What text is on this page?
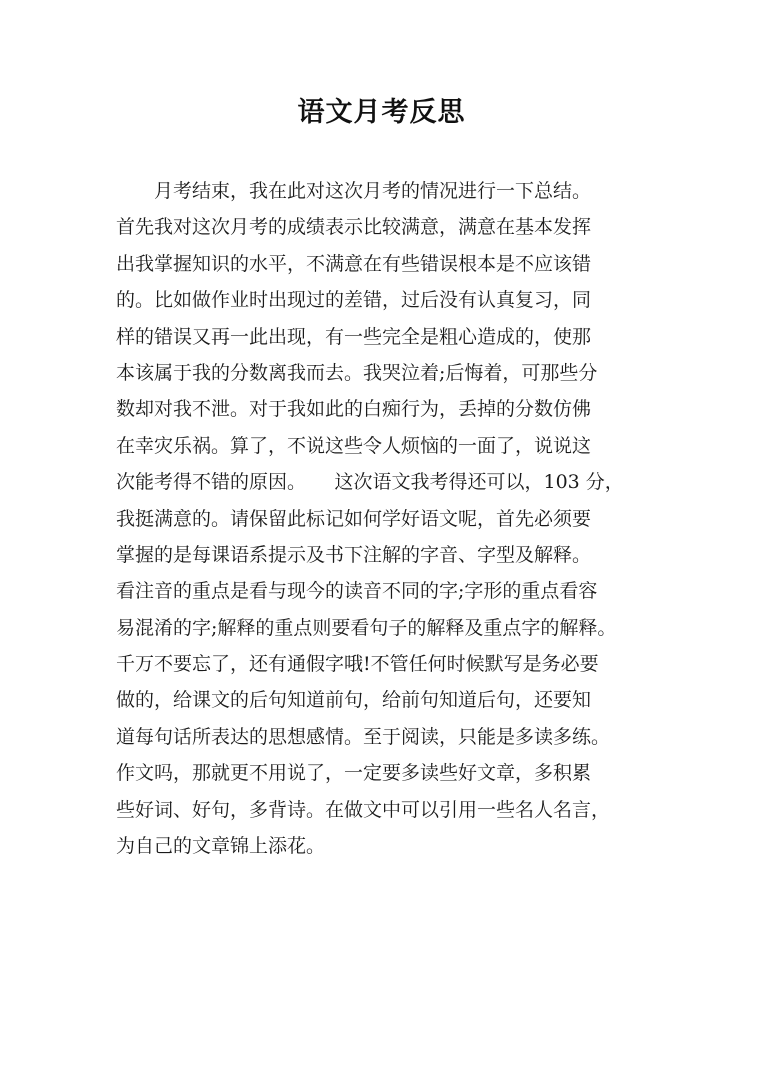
语文月考反思
　　月考结束，我在此对这次月考的情况进行一下总结。
首先我对这次月考的成绩表示比较满意，满意在基本发挥
出我掌握知识的水平，不满意在有些错误根本是不应该错
的。比如做作业时出现过的差错，过后没有认真复习，同
样的错误又再一此出现，有一些完全是粗心造成的，使那
本该属于我的分数离我而去。我哭泣着;后悔着，可那些分
数却对我不泄。对于我如此的白痴行为，丢掉的分数仿佛
在幸灾乐祸。算了，不说这些令人烦恼的一面了，说说这
次能考得不错的原因。　　这次语文我考得还可以，103 分，
我挺满意的。请保留此标记如何学好语文呢，首先必须要
掌握的是每课语系提示及书下注解的字音、字型及解释。
看注音的重点是看与现今的读音不同的字;字形的重点看容
易混淆的字;解释的重点则要看句子的解释及重点字的解释。
千万不要忘了，还有通假字哦!不管任何时候默写是务必要
做的，给课文的后句知道前句，给前句知道后句，还要知
道每句话所表达的思想感情。至于阅读，只能是多读多练。
作文吗，那就更不用说了，一定要多读些好文章，多积累
些好词、好句，多背诗。在做文中可以引用一些名人名言，
为自己的文章锦上添花。
